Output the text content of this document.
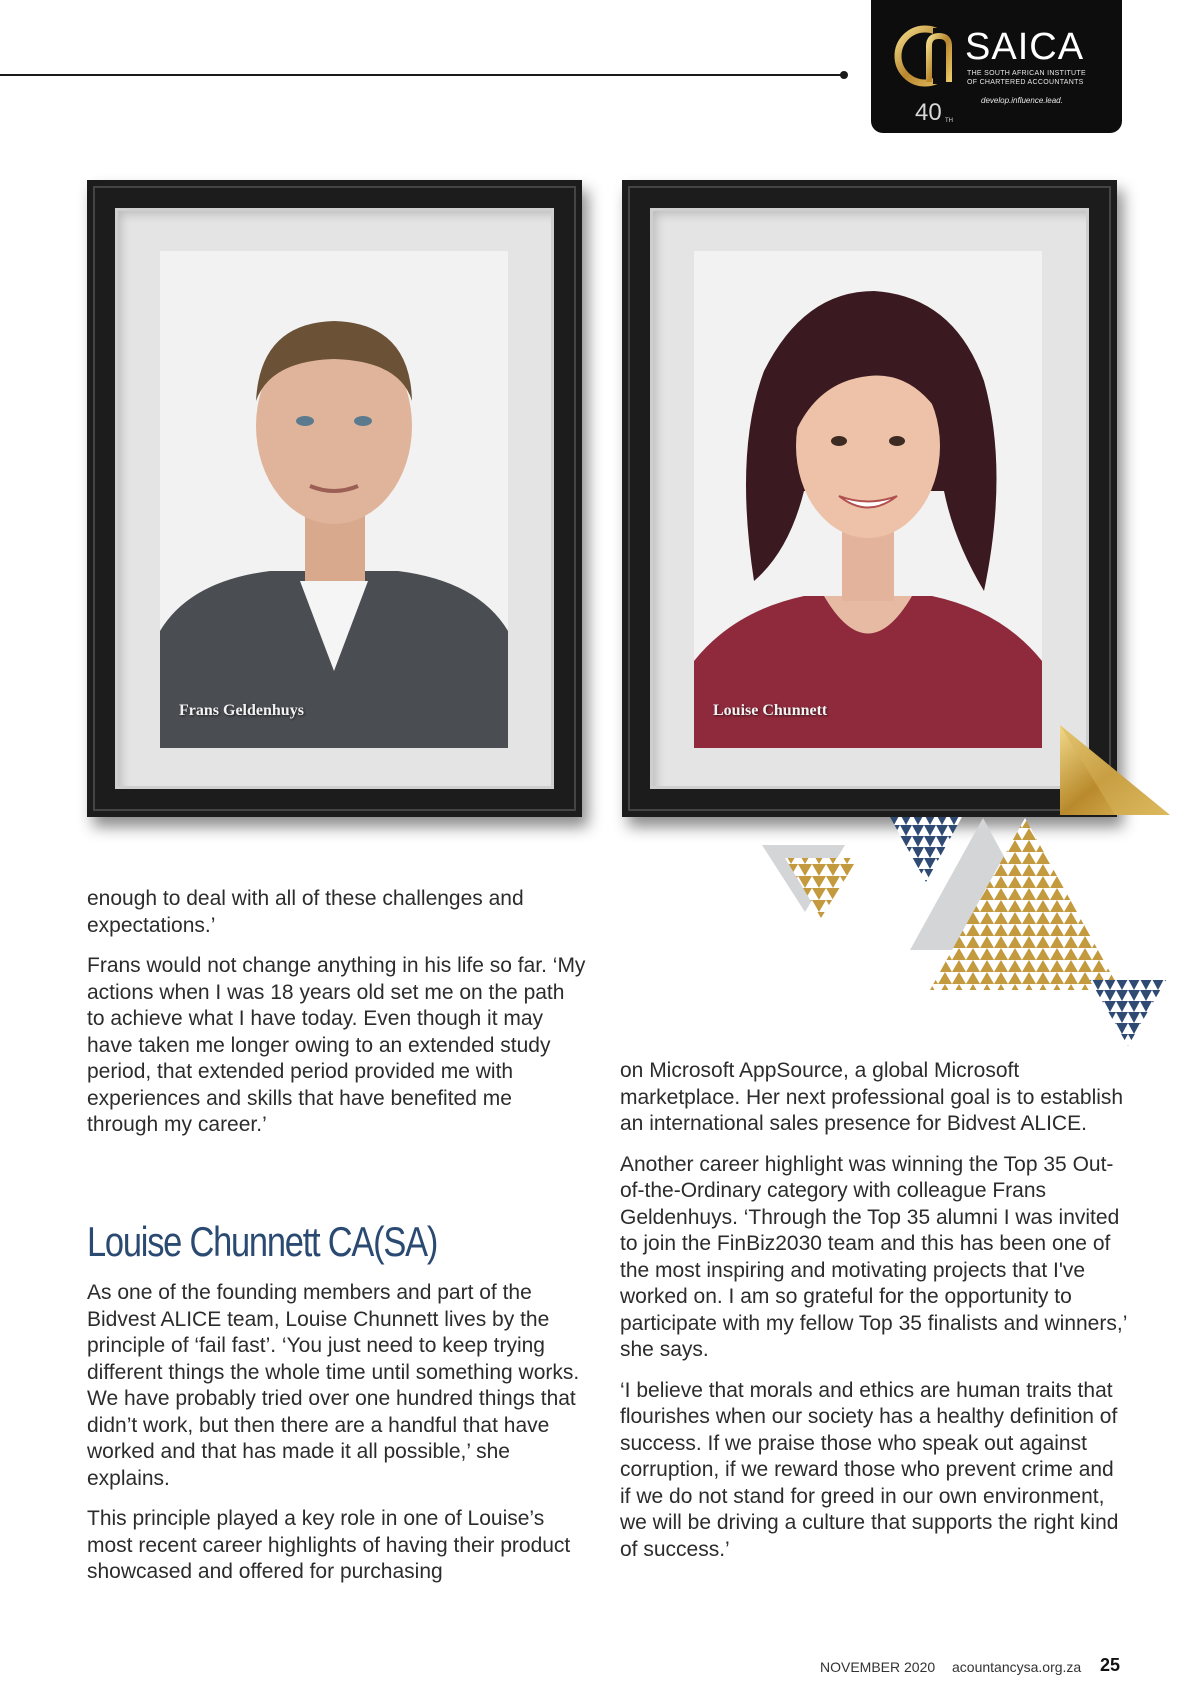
40 TH
SAICA
THE SOUTH AFRICAN INSTITUTE
OF CHARTERED ACCOUNTANTS
develop.influence.lead.
Frans Geldenhuys	Louise Chunnett

enough to deal with all of these challenges and expectations.’

Frans would not change anything in his life so far. ‘My actions when I was 18 years old set me on the path to achieve what I have today. Even though it may have taken me longer owing to an extended study period, that extended period provided me with experiences and skills that have benefited me through my career.’

Louise Chunnett CA(SA)

As one of the founding members and part of the Bidvest ALICE team, Louise Chunnett lives by the principle of ‘fail fast’. ‘You just need to keep trying different things the whole time until something works. We have probably tried over one hundred things that didn’t work, but then there are a handful that have worked and that has made it all possible,’ she explains.

This principle played a key role in one of Louise’s most recent career highlights of having their product showcased and offered for purchasing

on Microsoft AppSource, a global Microsoft marketplace. Her next professional goal is to establish an international sales presence for Bidvest ALICE.

Another career highlight was winning the Top 35 Out-of-the-Ordinary category with colleague Frans Geldenhuys. ‘Through the Top 35 alumni I was invited to join the FinBiz2030 team and this has been one of the most inspiring and motivating projects that I've worked on. I am so grateful for the opportunity to participate with my fellow Top 35 finalists and winners,’ she says.

‘I believe that morals and ethics are human traits that flourishes when our society has a healthy definition of success. If we praise those who speak out against corruption, if we reward those who prevent crime and if we do not stand for greed in our own environment, we will be driving a culture that supports the right kind of success.’

NOVEMBER 2020 acountancysa.org.za 25
